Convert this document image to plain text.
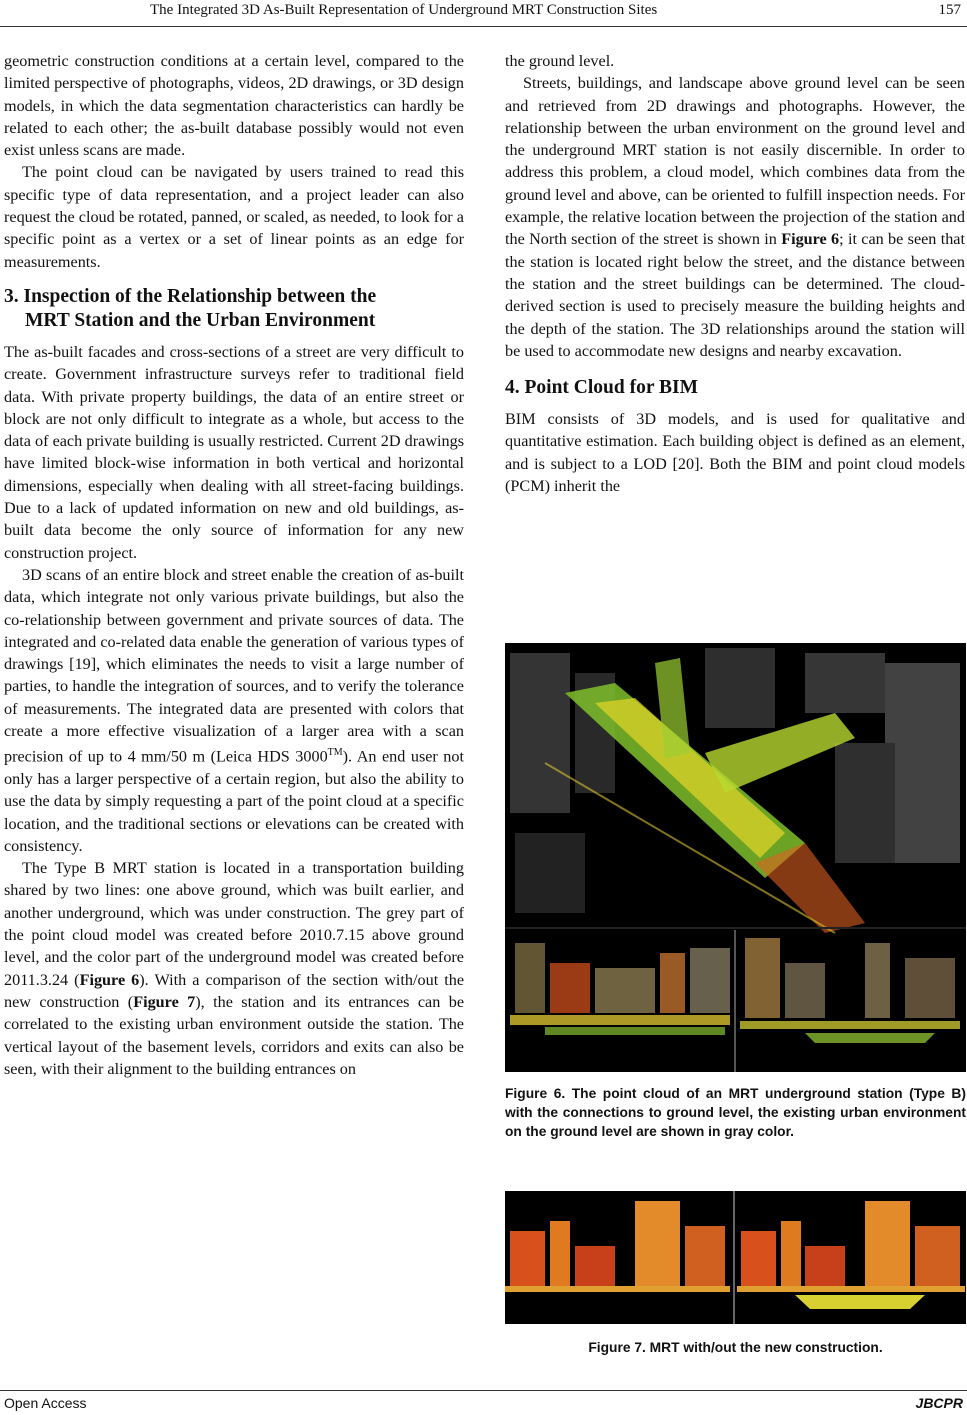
The Integrated 3D As-Built Representation of Underground MRT Construction Sites	157

geometric construction conditions at a certain level, compared to the limited perspective of photographs, videos, 2D drawings, or 3D design models, in which the data segmentation characteristics can hardly be related to each other; the as-built database possibly would not even exist unless scans are made.

The point cloud can be navigated by users trained to read this specific type of data representation, and a project leader can also request the cloud be rotated, panned, or scaled, as needed, to look for a specific point as a vertex or a set of linear points as an edge for measurements.

3. Inspection of the Relationship between the
MRT Station and the Urban Environment

The as-built facades and cross-sections of a street are very difficult to create. Government infrastructure surveys refer to traditional field data. With private property buildings, the data of an entire street or block are not only difficult to integrate as a whole, but access to the data of each private building is usually restricted. Current 2D drawings have limited block-wise information in both vertical and horizontal dimensions, especially when dealing with all street-facing buildings. Due to a lack of updated information on new and old buildings, as-built data become the only source of information for any new construction project.

3D scans of an entire block and street enable the creation of as-built data, which integrate not only various private buildings, but also the co-relationship between government and private sources of data. The integrated and co-related data enable the generation of various types of drawings [19], which eliminates the needs to visit a large number of parties, to handle the integration of sources, and to verify the tolerance of measurements. The integrated data are presented with colors that create a more effective visualization of a larger area with a scan precision of up to 4 mm/50 m (Leica HDS 3000™). An end user not only has a larger perspective of a certain region, but also the ability to use the data by simply requesting a part of the point cloud at a specific location, and the traditional sections or elevations can be created with consistency.

The Type B MRT station is located in a transportation building shared by two lines: one above ground, which was built earlier, and another underground, which was under construction. The grey part of the point cloud model was created before 2010.7.15 above ground level, and the color part of the underground model was created before 2011.3.24 (Figure 6). With a comparison of the section with/out the new construction (Figure 7), the station and its entrances can be correlated to the existing urban environment outside the station. The vertical layout of the basement levels, corridors and exits can also be seen, with their alignment to the building entrances on

the ground level.

Streets, buildings, and landscape above ground level can be seen and retrieved from 2D drawings and photographs. However, the relationship between the urban environment on the ground level and the underground MRT station is not easily discernible. In order to address this problem, a cloud model, which combines data from the ground level and above, can be oriented to fulfill inspection needs. For example, the relative location between the projection of the station and the North section of the street is shown in Figure 6; it can be seen that the station is located right below the street, and the distance between the station and the street buildings can be determined. The cloud-derived section is used to precisely measure the building heights and the depth of the station. The 3D relationships around the station will be used to accommodate new designs and nearby excavation.

4. Point Cloud for BIM

BIM consists of 3D models, and is used for qualitative and quantitative estimation. Each building object is defined as an element, and is subject to a LOD [20]. Both the BIM and point cloud models (PCM) inherit the

Figure 6. The point cloud of an MRT underground station (Type B) with the connections to ground level, the existing urban environment on the ground level are shown in gray color.
Figure 7. MRT with/out the new construction.
Open Access	JBCPR
